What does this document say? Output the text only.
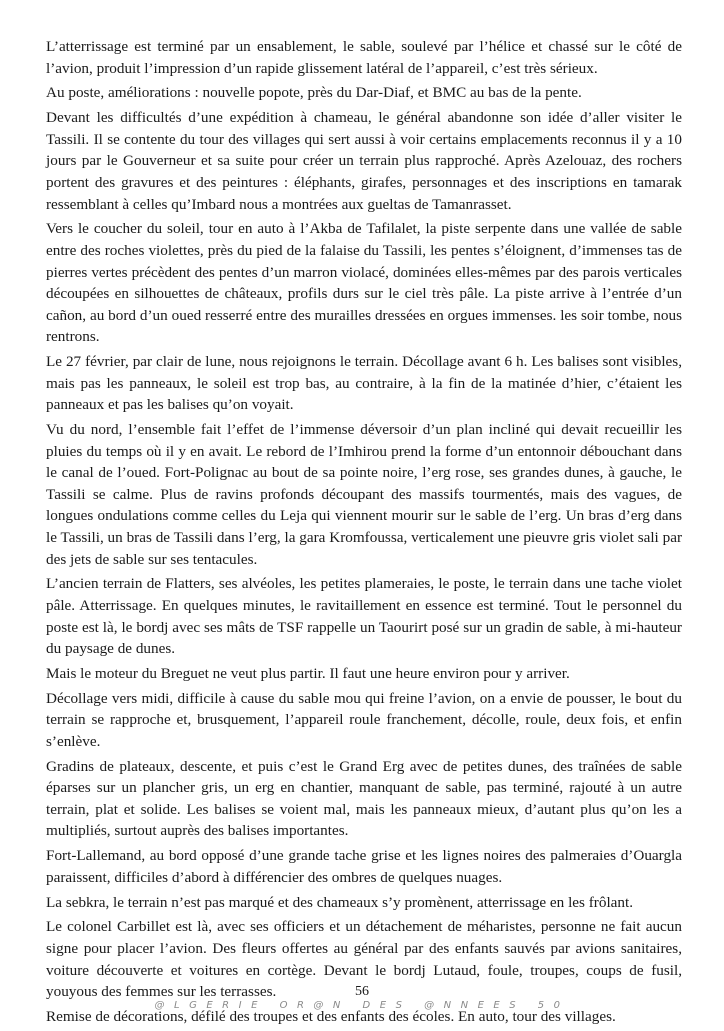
L’atterrissage est terminé par un ensablement, le sable, soulevé par l’hélice et chassé sur le côté de l’avion, produit l’impression d’un rapide glissement latéral de l’appareil, c’est très sérieux.

Au poste, améliorations : nouvelle popote, près du Dar-Diaf, et BMC au bas de la pente.

Devant les difficultés d’une expédition à chameau, le général abandonne son idée d’aller visiter le Tassili. Il se contente du tour des villages qui sert aussi à voir certains emplacements reconnus il y a 10 jours par le Gouverneur et sa suite pour créer un terrain plus rapproché. Après Azelouaz, des rochers portent des gravures et des peintures : éléphants, girafes, personnages et des inscriptions en tamarak ressemblant à celles qu’Imbard nous a montrées aux gueltas de Tamanrasset.

Vers le coucher du soleil, tour en auto à l’Akba de Tafilalet, la piste serpente dans une vallée de sable entre des roches violettes, près du pied de la falaise du Tassili, les pentes s’éloignent, d’immenses tas de pierres vertes précèdent des pentes d’un marron violacé, dominées elles-mêmes par des parois verticales découpées en silhouettes de châteaux, profils durs sur le ciel très pâle. La piste arrive à l’entrée d’un cañon, au bord d’un oued resserré entre des murailles dressées en orgues immenses. les soir tombe, nous rentrons.

Le 27 février, par clair de lune, nous rejoignons le terrain. Décollage avant 6 h. Les balises sont visibles, mais pas les panneaux, le soleil est trop bas, au contraire, à la fin de la matinée d’hier, c’étaient les panneaux et pas les balises qu’on voyait.

Vu du nord, l’ensemble fait l’effet de l’immense déversoir d’un plan incliné qui devait recueillir les pluies du temps où il y en avait. Le rebord de l’Imhirou prend la forme d’un entonnoir débouchant dans le canal de l’oued. Fort-Polignac au bout de sa pointe noire, l’erg rose, ses grandes dunes, à gauche, le Tassili se calme. Plus de ravins profonds découpant des massifs tourmentés, mais des vagues, de longues ondulations comme celles du Leja qui viennent mourir sur le sable de l’erg. Un bras d’erg dans le Tassili, un bras de Tassili dans l’erg, la gara Kromfoussa, verticalement une pieuvre gris violet sali par des jets de sable sur ses tentacules.

L’ancien terrain de Flatters, ses alvéoles, les petites plameraies, le poste, le terrain dans une tache violet pâle. Atterrissage. En quelques minutes, le ravitaillement en essence est terminé. Tout le personnel du poste est là, le bordj avec ses mâts de TSF rappelle un Taourirt posé sur un gradin de sable, à mi-hauteur du paysage de dunes.

Mais le moteur du Breguet ne veut plus partir. Il faut une heure environ pour y arriver.

Décollage vers midi, difficile à cause du sable mou qui freine l’avion, on a envie de pousser, le bout du terrain se rapproche et, brusquement, l’appareil roule franchement, décolle, roule, deux fois, et enfin s’enlève.

Gradins de plateaux, descente, et puis c’est le Grand Erg avec de petites dunes, des traînées de sable éparses sur un plancher gris, un erg en chantier, manquant de sable, pas terminé, rajouté à un autre terrain, plat et solide. Les balises se voient mal, mais les panneaux mieux, d’autant plus qu’on les a multipliés, surtout auprès des balises importantes.

Fort-Lallemand, au bord opposé d’une grande tache grise et les lignes noires des palmeraies d’Ouargla paraissent, difficiles d’abord à différencier des ombres de quelques nuages.

La sebkra, le terrain n’est pas marqué et des chameaux s’y promènent, atterrissage en les frôlant.

Le colonel Carbillet est là, avec ses officiers et un détachement de méharistes, personne ne fait aucun signe pour placer l’avion. Des fleurs offertes au général par des enfants sauvés par avions sanitaires, voiture découverte et voitures en cortège. Devant le bordj Lutaud, foule, troupes, coups de fusil, youyous des femmes sur les terrasses.

Remise de décorations, défilé des troupes et des enfants des écoles. En auto, tour des villages.

56
@LGERIE OR@N DES @NNEES 50
